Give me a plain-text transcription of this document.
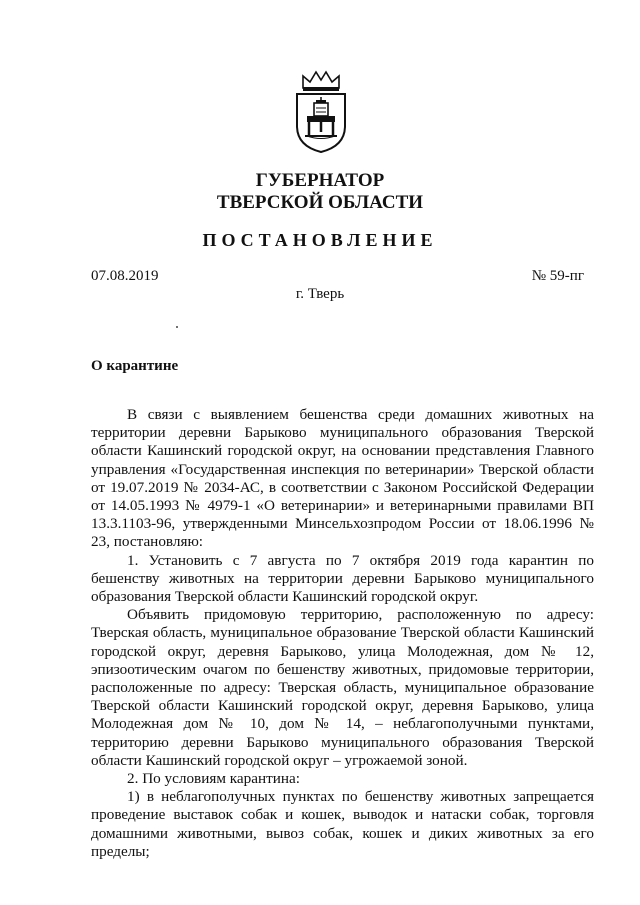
ГУБЕРНАТОР
ТВЕРСКОЙ ОБЛАСТИ
ПОСТАНОВЛЕНИЕ
07.08.2019	№ 59-пг
г. Тверь
О карантине

В связи с выявлением бешенства среди домашних животных на территории деревни Барыково муниципального образования Тверской области Кашинский городской округ, на основании представления Главного управления «Государственная инспекция по ветеринарии» Тверской области от 19.07.2019 № 2034-АС, в соответствии с Законом Российской Федерации от 14.05.1993 № 4979-1 «О ветеринарии» и ветеринарными правилами ВП 13.3.1103-96, утвержденными Минсельхозпродом России от 18.06.1996 № 23, постановляю:

1. Установить с 7 августа по 7 октября 2019 года карантин по бешенству животных на территории деревни Барыково муниципального образования Тверской области Кашинский городской округ.

Объявить придомовую территорию, расположенную по адресу: Тверская область, муниципальное образование Тверской области Кашинский городской округ, деревня Барыково, улица Молодежная, дом № 12, эпизоотическим очагом по бешенству животных, придомовые территории, расположенные по адресу: Тверская область, муниципальное образование Тверской области Кашинский городской округ, деревня Барыково, улица Молодежная дом № 10, дом № 14, – неблагополучными пунктами, территорию деревни Барыково муниципального образования Тверской области Кашинский городской округ – угрожаемой зоной.

2. По условиям карантина:

1) в неблагополучных пунктах по бешенству животных запрещается проведение выставок собак и кошек, выводок и натаски собак, торговля домашними животными, вывоз собак, кошек и диких животных за его пределы;
